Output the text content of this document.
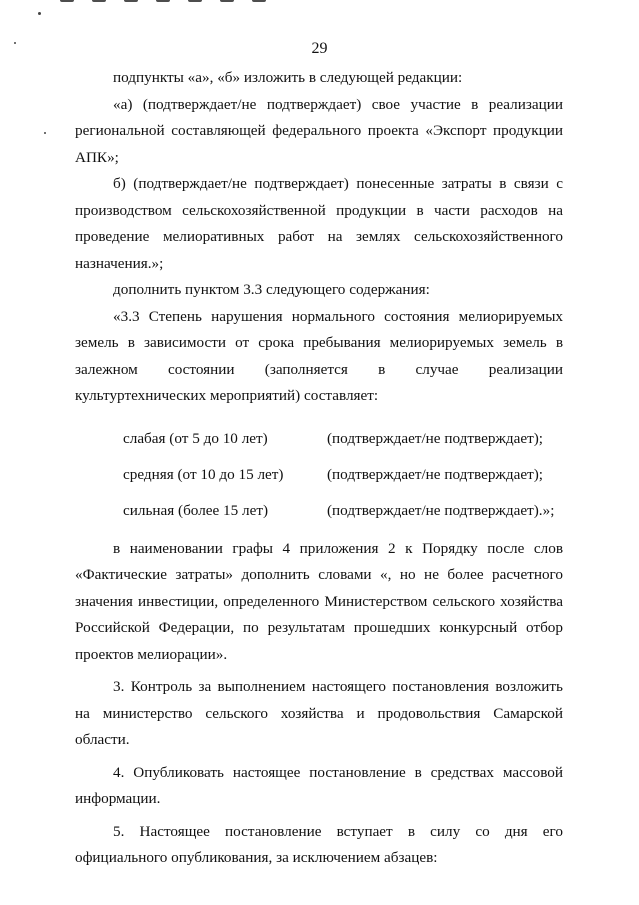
29

подпункты «а», «б» изложить в следующей редакции:

«а) (подтверждает/не подтверждает) свое участие в реализации региональной составляющей федерального проекта «Экспорт продукции АПК»;

б) (подтверждает/не подтверждает) понесенные затраты в связи с производством сельскохозяйственной продукции в части расходов на проведение мелиоративных работ на землях сельскохозяйственного назначения.»;

дополнить пунктом 3.3 следующего содержания:

«3.3 Степень нарушения нормального состояния мелиорируемых земель в зависимости от срока пребывания мелиорируемых земель в залежном состоянии (заполняется в случае реализации культуртехнических мероприятий) составляет:

слабая (от 5 до 10 лет)	(подтверждает/не подтверждает);
средняя (от 10 до 15 лет)	(подтверждает/не подтверждает);
сильная (более 15 лет)	(подтверждает/не подтверждает).»;

в наименовании графы 4 приложения 2 к Порядку после слов «Фактические затраты» дополнить словами «, но не более расчетного значения инвестиции, определенного Министерством сельского хозяйства Российской Федерации, по результатам прошедших конкурсный отбор проектов мелиорации».

3. Контроль за выполнением настоящего постановления возложить на министерство сельского хозяйства и продовольствия Самарской области.

4. Опубликовать настоящее постановление в средствах массовой информации.

5. Настоящее постановление вступает в силу со дня его официального опубликования, за исключением абзацев:
